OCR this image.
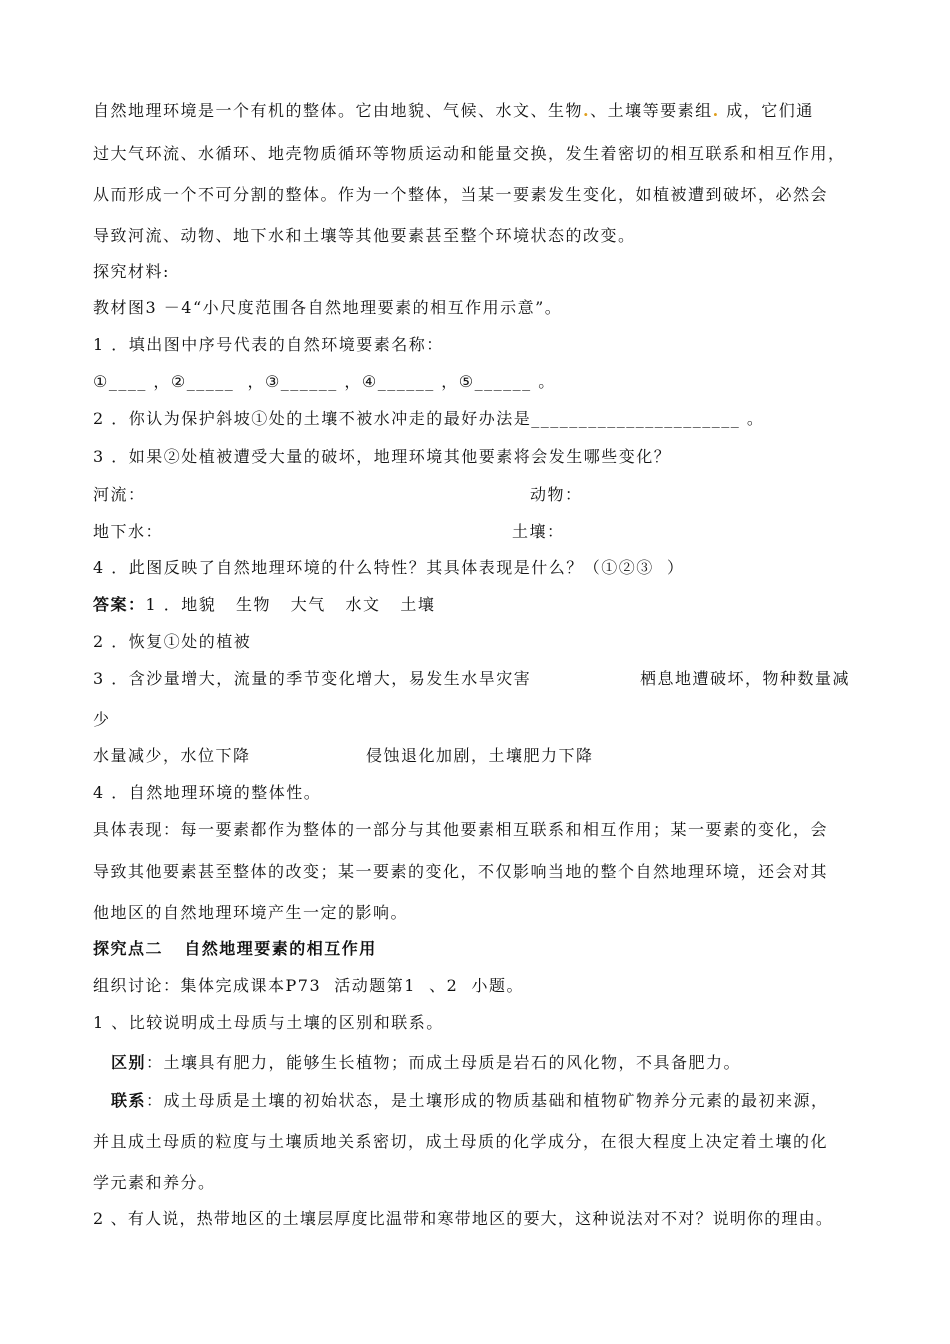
自然地理环境是一个有机的整体。它由地貌、气候、水文、生物.、土壤等要素组. 成，它们通
过大气环流、水循环、地壳物质循环等物质运动和能量交换，发生着密切的相互联系和相互作用，
从而形成一个不可分割的整体。作为一个整体，当某一要素发生变化，如植被遭到破坏，必然会
导致河流、动物、地下水和土壤等其他要素甚至整个环境状态的改变。
探究材料:
教材图3 －4“小尺度范围各自然地理要素的相互作用示意”。
1 ．填出图中序号代表的自然环境要素名称：
①____ ，②_____  ，③______ ，④______ ，⑤______ 。
2 ．你认为保护斜坡①处的土壤不被水冲走的最好办法是______________________ 。
3 ．如果②处植被遭受大量的破坏，地理环境其他要素将会发生哪些变化？
河流：	动物：
地下水：	土壤：
4 ．此图反映了自然地理环境的什么特性？其具体表现是什么？（①②③  ）
答案：1 ．地貌   生物   大气   水文   土壤
2 ．恢复①处的植被
3 ．含沙量增大，流量的季节变化增大，易发生水旱灾害	栖息地遭破坏，物种数量减
少
水量减少，水位下降	侵蚀退化加剧，土壤肥力下降
4 ．自然地理环境的整体性。
具体表现：每一要素都作为整体的一部分与其他要素相互联系和相互作用；某一要素的变化，会
导致其他要素甚至整体的改变；某一要素的变化，不仅影响当地的整个自然地理环境，还会对其
他地区的自然地理环境产生一定的影响。
探究点二   自然地理要素的相互作用
组织讨论：集体完成课本P73  活动题第1  、2  小题。
1 、比较说明成土母质与土壤的区别和联系。
区别：土壤具有肥力，能够生长植物；而成土母质是岩石的风化物，不具备肥力。
联系：成土母质是土壤的初始状态，是土壤形成的物质基础和植物矿物养分元素的最初来源，
并且成土母质的粒度与土壤质地关系密切，成土母质的化学成分，在很大程度上决定着土壤的化
学元素和养分。
2 、有人说，热带地区的土壤层厚度比温带和寒带地区的要大，这种说法对不对？说明你的理由。
